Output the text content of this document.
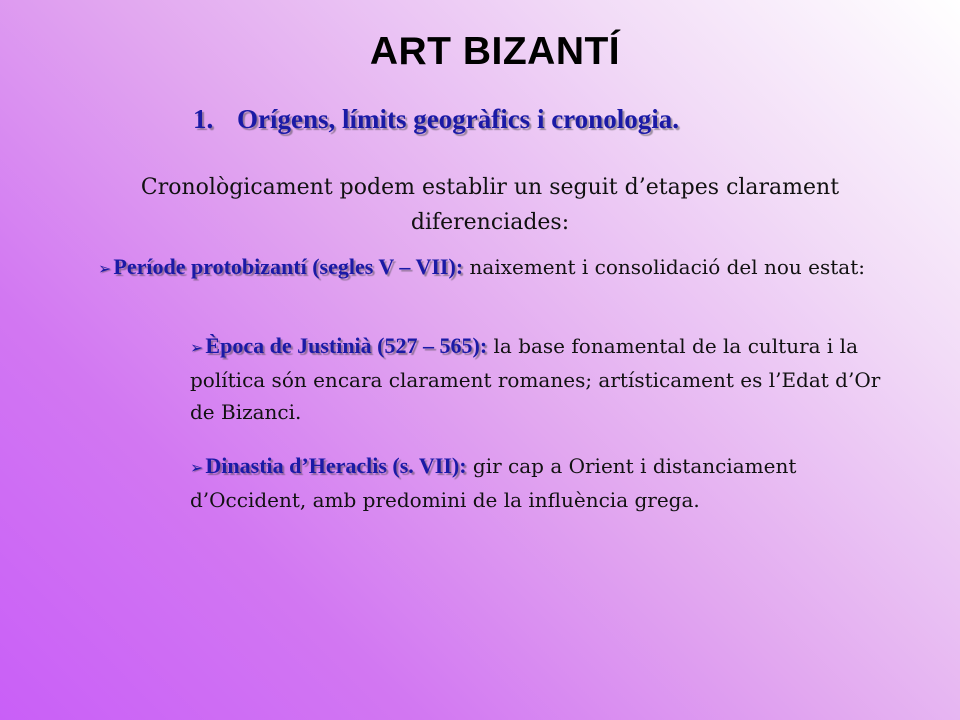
ART BIZANTÍ
1. Orígens, límits geogràfics i cronologia.
Cronològicament podem establir un seguit d’etapes clarament diferenciades:
➢Període protobizantí (segles V – VII): naixement i consolidació del nou estat:
➢Època de Justinià (527 – 565): la base fonamental de la cultura i la política són encara clarament romanes; artísticament es l’Edat d’Or de Bizanci.
➢Dinastia d’Heraclis (s. VII): gir cap a Orient i distanciament d’Occident, amb predomini de la influència grega.
